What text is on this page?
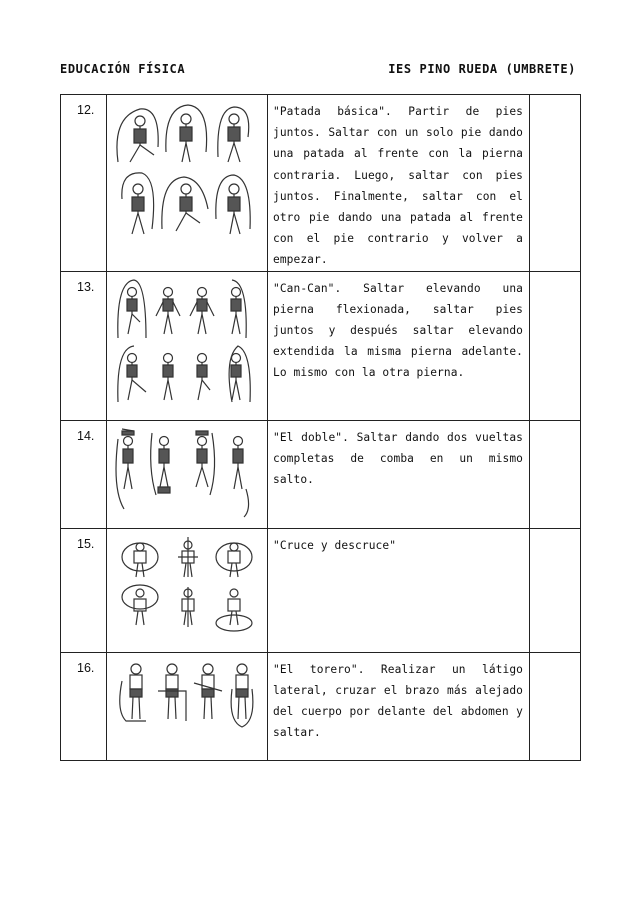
EDUCACIÓN FÍSICA	IES PINO RUEDA (UMBRETE)
12.		"Patada básica". Partir de pies juntos. Saltar con un solo pie dando una patada al frente con la pierna contraria. Luego, saltar con pies juntos. Finalmente, saltar con el otro pie dando una patada al frente con el pie contrario y volver a empezar.	
13.		"Can-Can". Saltar elevando una pierna flexionada, saltar pies juntos y después saltar elevando extendida la misma pierna adelante. Lo mismo con la otra pierna.	
14.		"El doble". Saltar dando dos vueltas completas de comba en un mismo salto.	
15.		"Cruce y descruce"	
16.		"El torero". Realizar un látigo lateral, cruzar el brazo más alejado del cuerpo por delante del abdomen y saltar.	
